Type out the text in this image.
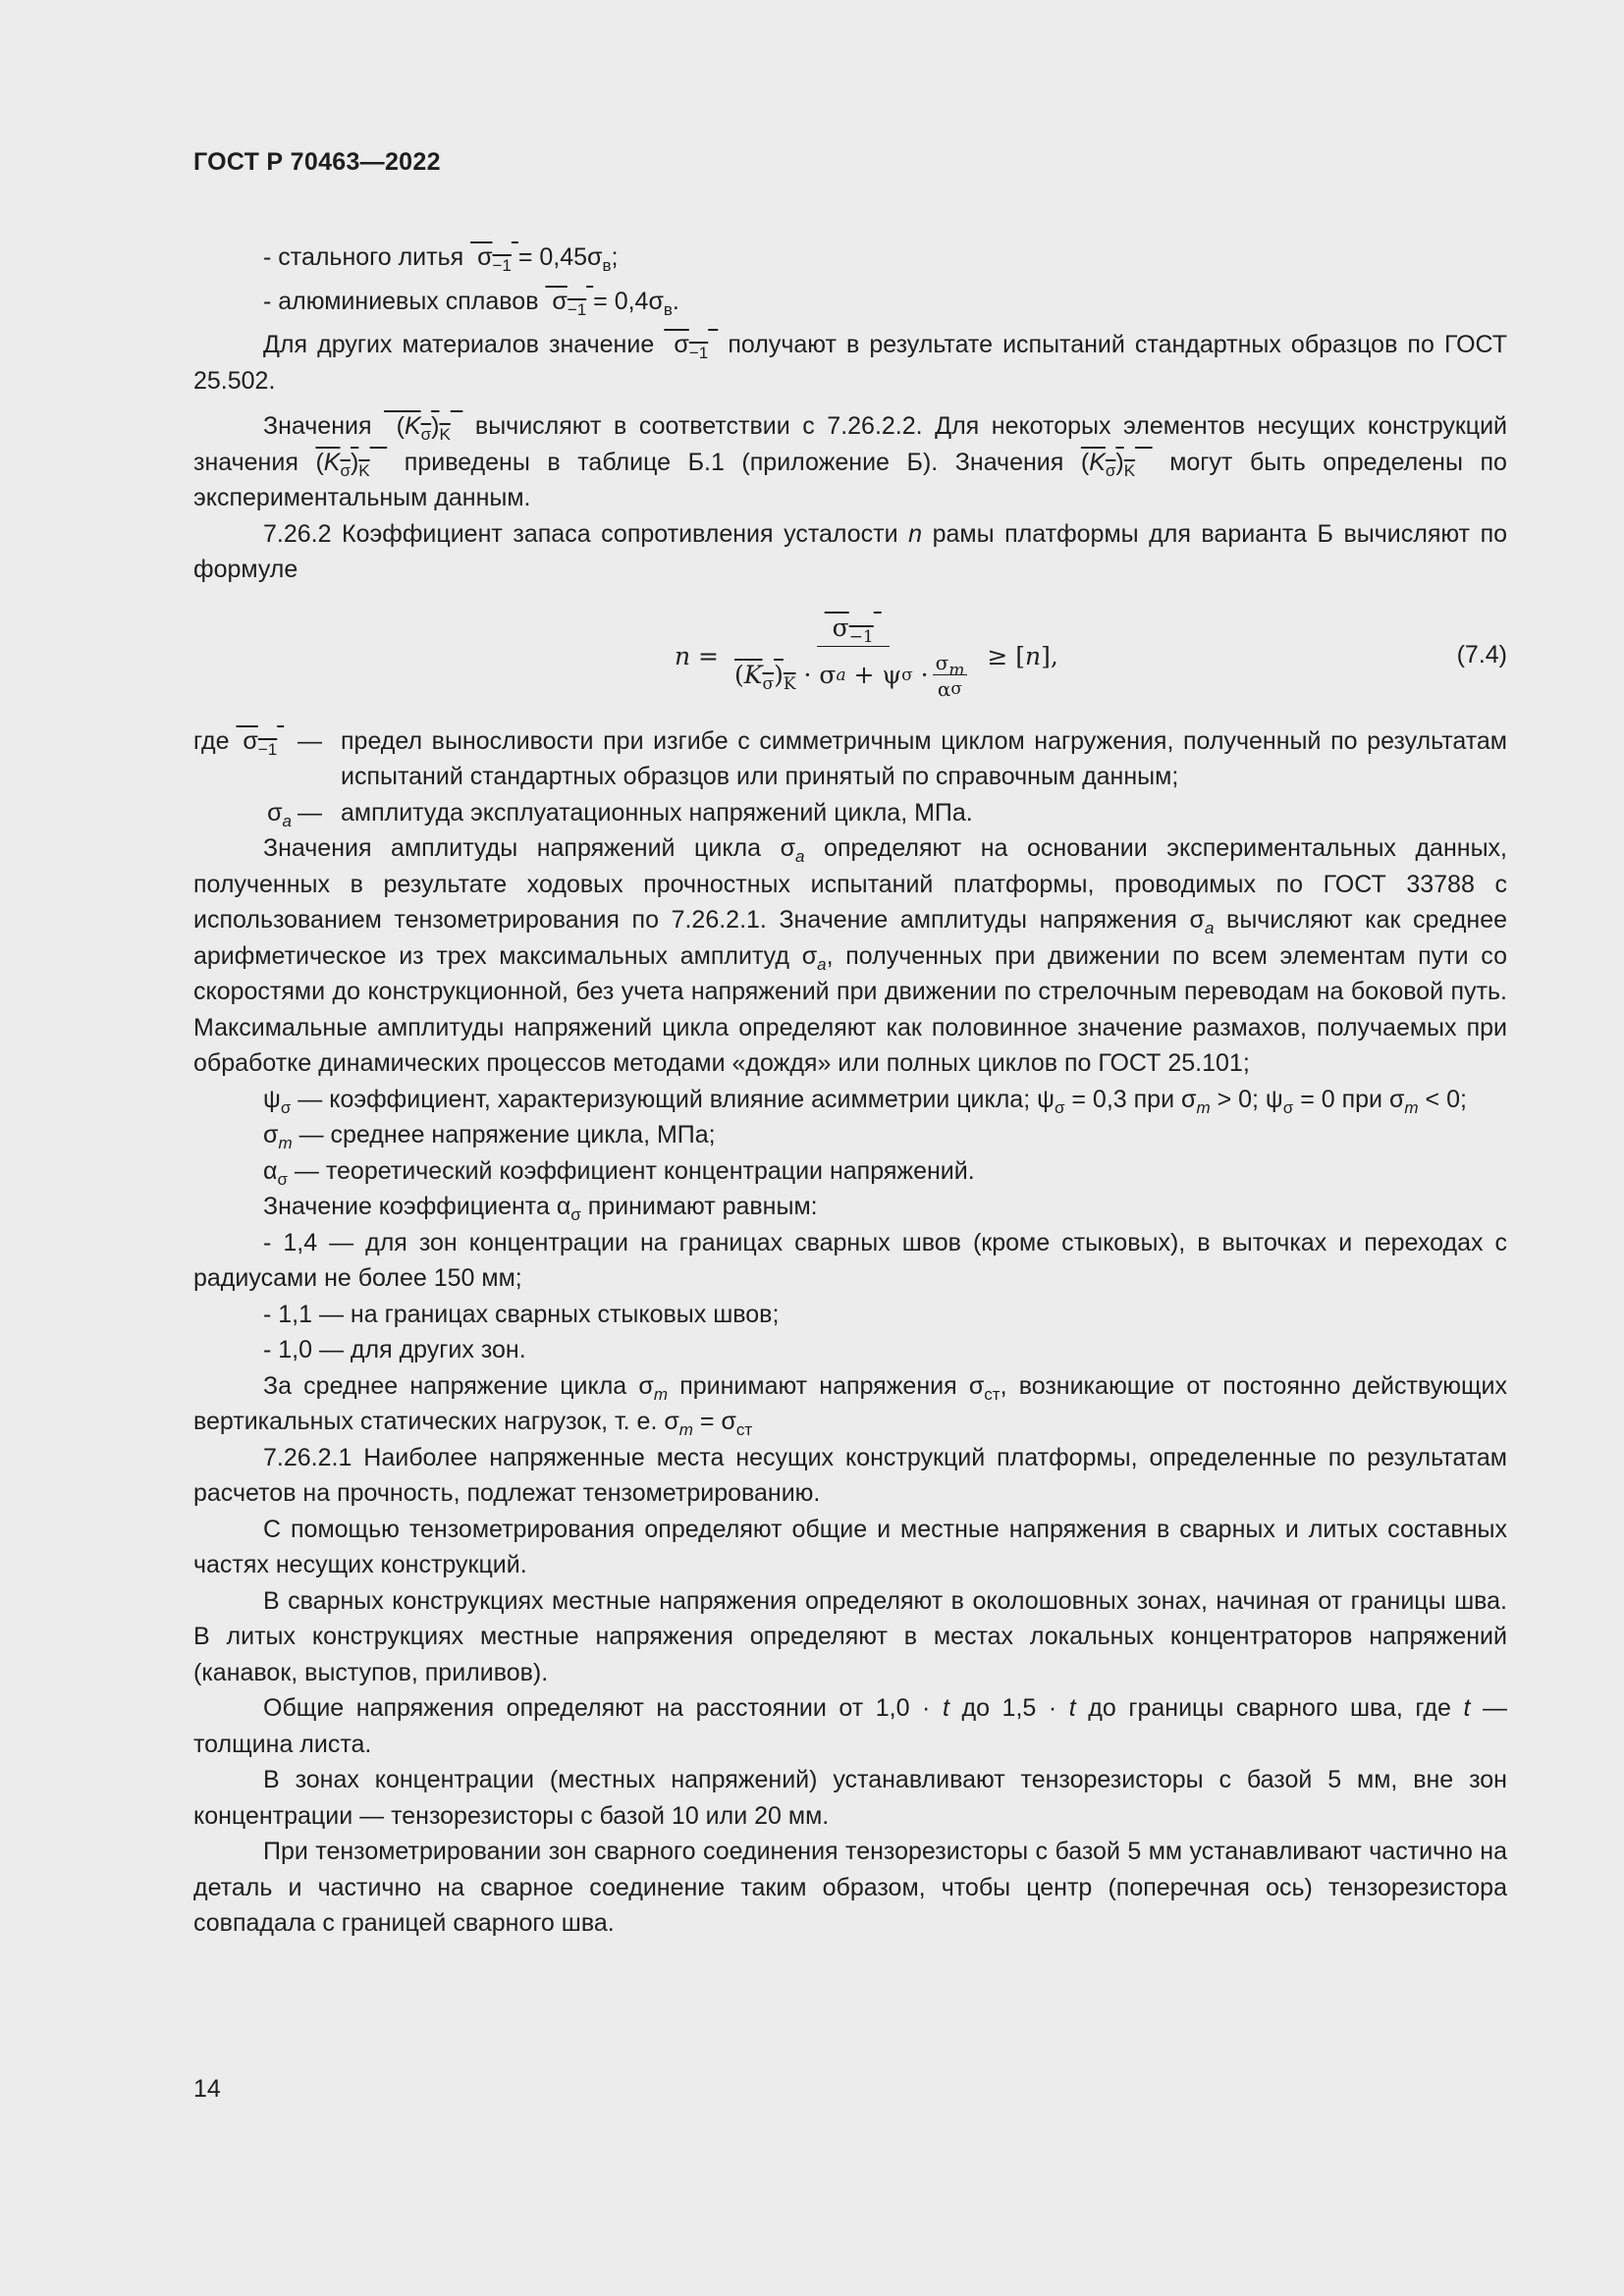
ГОСТ Р 70463—2022

- стального литья $\sigma_{-1} = 0,45\sigma_в$;

- алюминиевых сплавов $\sigma_{-1} = 0,4\sigma_в$.

Для других материалов значение $\sigma_{-1}$ получают в результате испытаний стандартных образцов по ГОСТ 25.502.

Значения  $(K_\sigma)_K$ вычисляют в соответствии с 7.26.2.2. Для некоторых элементов несущих конструкций значения $(K_\sigma)_K$ приведены в таблице Б.1 (приложение Б). Значения $(K_\sigma)_K$ могут быть определены по экспериментальным данным.

7.26.2 Коэффициент запаса сопротивления усталости n рамы платформы для варианта Б вычисляют по формуле

n =
$\sigma_{-1}$
$(K_\sigma)_K \cdot \sigma$ a + ψ $\sigma \cdot \frac{\sigma_m}{\text{α σ}}$ ≥ [ n ],	(7.4)
где $\sigma_{-1}$ — предел выносливости при изгибе с симметричным циклом нагружения, полученный по результатам испытаний стандартных образцов или принятый по справочным данным;
$\sigma_a$ — амплитуда эксплуатационных напряжений цикла, МПа.

Значения амплитуды напряжений цикла $\sigma_a$ определяют на основании экспериментальных данных, полученных в результате ходовых прочностных испытаний платформы, проводимых по ГОСТ 33788 с использованием тензометрирования по 7.26.2.1. Значение амплитуды напряжения $\sigma_a$ вычисляют как среднее арифметическое из трех максимальных амплитуд $\sigma_a$, полученных при движении по всем элементам пути со скоростями до конструкционной, без учета напряжений при движении по стрелочным переводам на боковой путь. Максимальные амплитуды напряжений цикла определяют как половинное значение размахов, получаемых при обработке динамических процессов методами «дождя» или полных циклов по ГОСТ 25.101;

$\psi_\sigma$ — коэффициент, характеризующий влияние асимметрии цикла; $\psi_\sigma = 0,3$ при $\sigma_m > 0$; $\psi_\sigma = 0$ при $\sigma_m < 0$;

$\sigma_m$ — среднее напряжение цикла, МПа;

$\alpha_\sigma$ — теоретический коэффициент концентрации напряжений.

Значение коэффициента $\alpha_\sigma$ принимают равным:

- 1,4 — для зон концентрации на границах сварных швов (кроме стыковых), в выточках и переходах с радиусами не более 150 мм;

- 1,1 — на границах сварных стыковых швов;

- 1,0 — для других зон.

За среднее напряжение цикла $\sigma_m$ принимают напряжения $\sigma_{ст}$, возникающие от постоянно действующих вертикальных статических нагрузок, т. е. $\sigma_m = \sigma_{ст}$

7.26.2.1 Наиболее напряженные места несущих конструкций платформы, определенные по результатам расчетов на прочность, подлежат тензометрированию.

С помощью тензометрирования определяют общие и местные напряжения в сварных и литых составных частях несущих конструкций.

В сварных конструкциях местные напряжения определяют в околошовных зонах, начиная от границы шва. В литых конструкциях местные напряжения определяют в местах локальных концентраторов напряжений (канавок, выступов, приливов).

Общие напряжения определяют на расстоянии от 1,0 · t до 1,5 · t до границы сварного шва, где t — толщина листа.

В зонах концентрации (местных напряжений) устанавливают тензорезисторы с базой 5 мм, вне зон концентрации — тензорезисторы с базой 10 или 20 мм.

При тензометрировании зон сварного соединения тензорезисторы с базой 5 мм устанавливают частично на деталь и частично на сварное соединение таким образом, чтобы центр (поперечная ось) тензорезистора совпадала с границей сварного шва.

14
